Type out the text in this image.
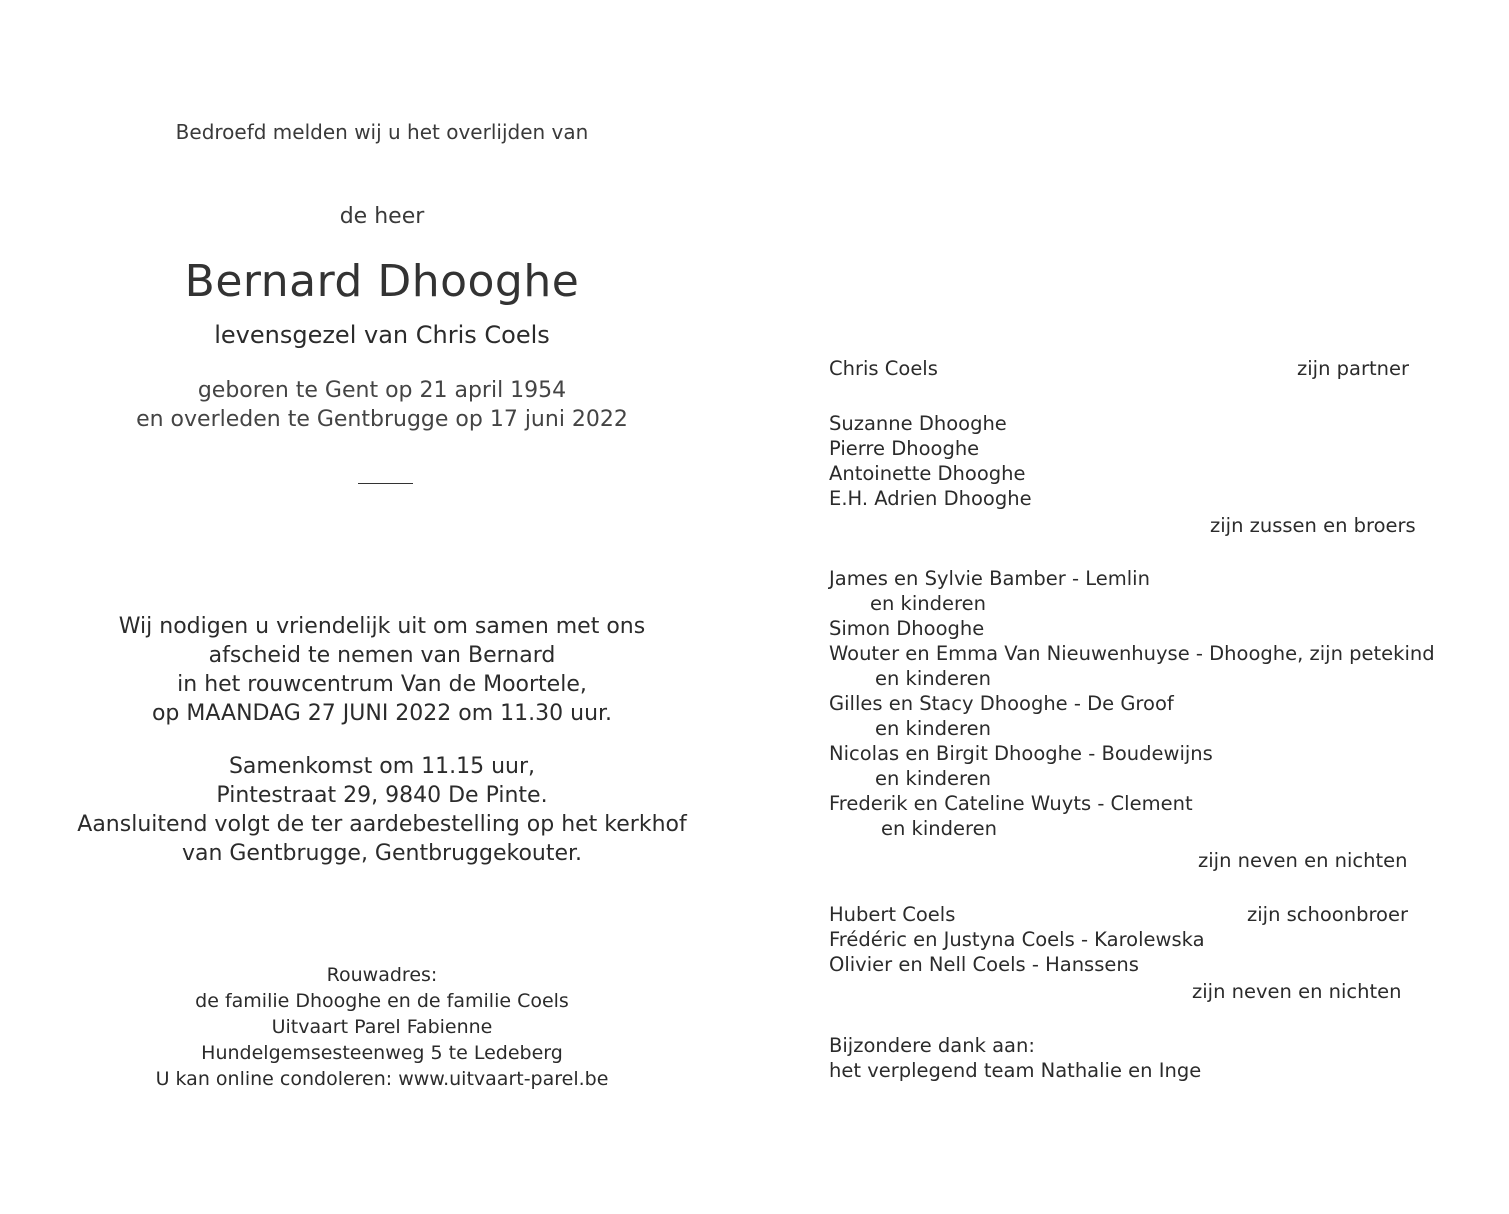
Bedroefd melden wij u het overlijden van
de heer
Bernard Dhooghe
levensgezel van Chris Coels
geboren te Gent op 21 april 1954
en overleden te Gentbrugge op 17 juni 2022
Wij nodigen u vriendelijk uit om samen met ons
afscheid te nemen van Bernard
in het rouwcentrum Van de Moortele,
op MAANDAG 27 JUNI 2022 om 11.30 uur.
Samenkomst om 11.15 uur,
Pintestraat 29, 9840 De Pinte.
Aansluitend volgt de ter aardebestelling op het kerkhof
van Gentbrugge, Gentbruggekouter.
Rouwadres:
de familie Dhooghe en de familie Coels
Uitvaart Parel Fabienne
Hundelgemsesteenweg 5 te Ledeberg
U kan online condoleren: www.uitvaart-parel.be
Chris Coels	zijn partner
Suzanne Dhooghe
Pierre Dhooghe
Antoinette Dhooghe
E.H. Adrien Dhooghe
zijn zussen en broers
James en Sylvie Bamber - Lemlin
en kinderen
Simon Dhooghe
Wouter en Emma Van Nieuwenhuyse - Dhooghe, zijn petekind
en kinderen
Gilles en Stacy Dhooghe - De Groof
en kinderen
Nicolas en Birgit Dhooghe - Boudewijns
en kinderen
Frederik en Cateline Wuyts - Clement
en kinderen
zijn neven en nichten
Hubert Coels	zijn schoonbroer
Frédéric en Justyna Coels - Karolewska
Olivier en Nell Coels - Hanssens
zijn neven en nichten
Bijzondere dank aan:
het verplegend team Nathalie en Inge
